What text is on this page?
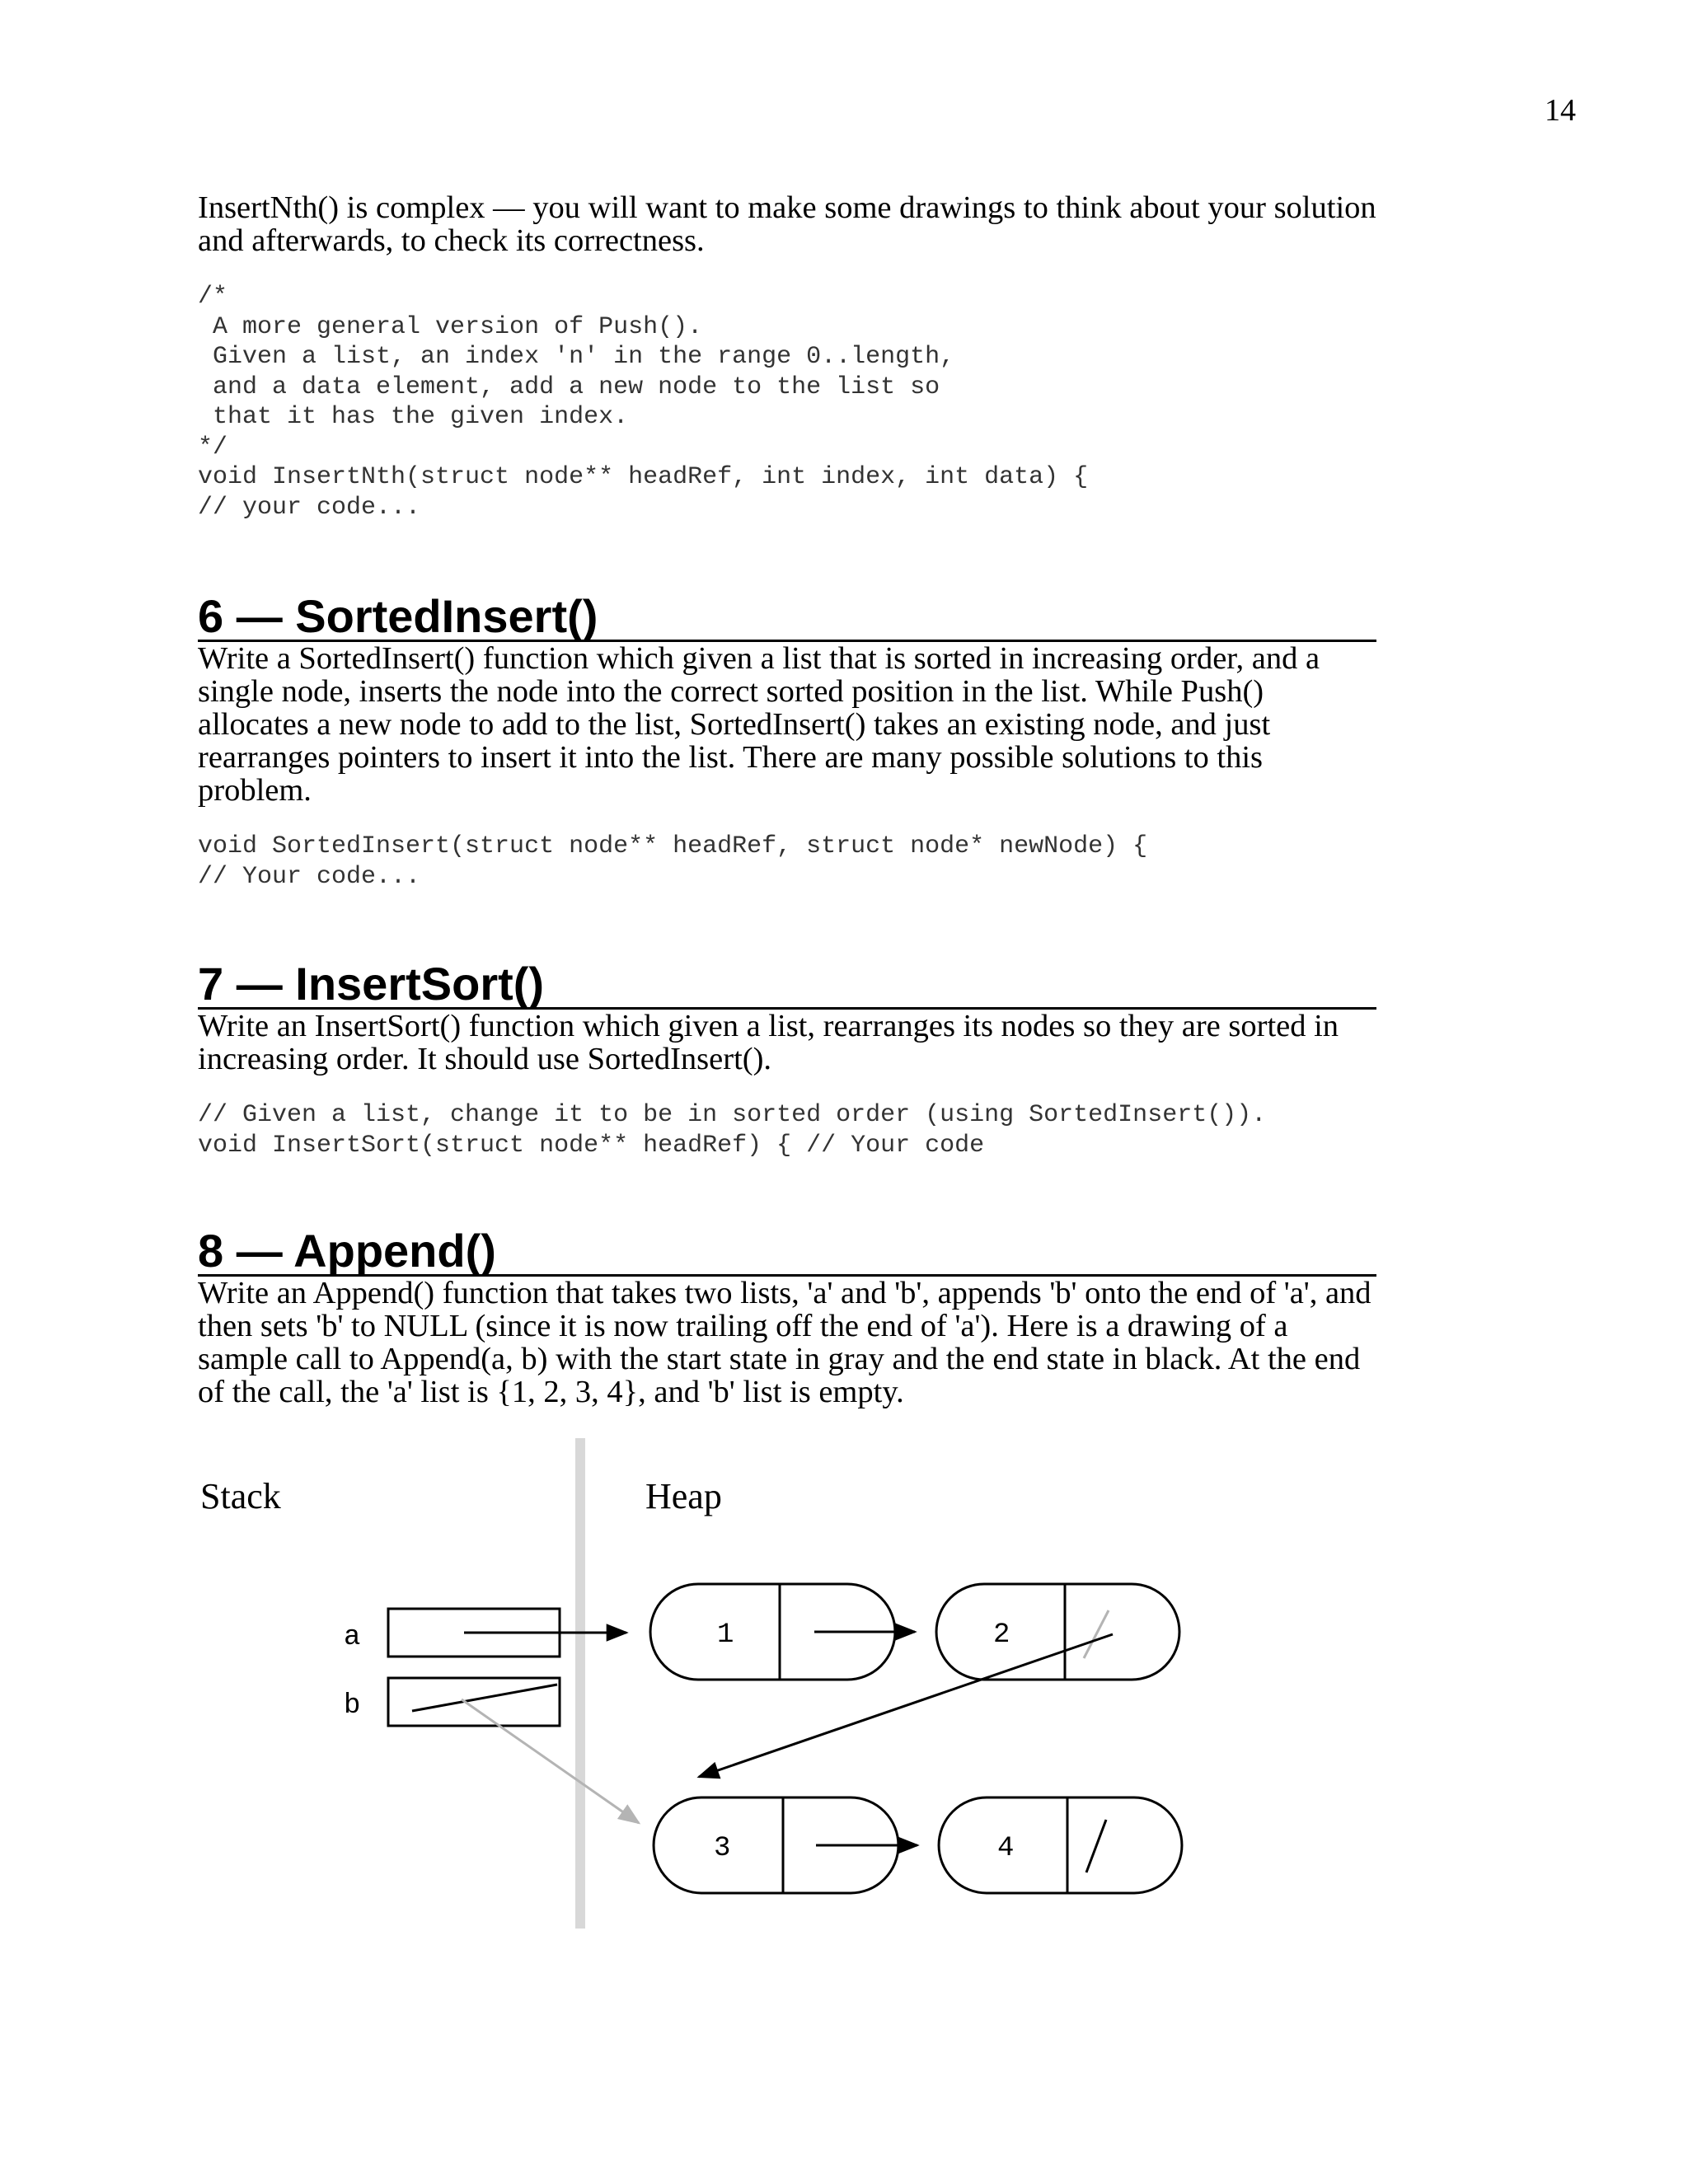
14

InsertNth() is complex — you will want to make some drawings to think about your solution and afterwards, to check its correctness.

/*
A more general version of Push().
Given a list, an index 'n' in the range 0..length,
and a data element, add a new node to the list so
that it has the given index.
*/
void InsertNth(struct node** headRef, int index, int data) {
// your code...
6 — SortedInsert()

Write a SortedInsert() function which given a list that is sorted in increasing order, and a single node, inserts the node into the correct sorted position in the list. While Push() allocates a new node to add to the list, SortedInsert() takes an existing node, and just rearranges pointers to insert it into the list. There are many possible solutions to this problem.

void SortedInsert(struct node** headRef, struct node* newNode) {
// Your code...
7 — InsertSort()

Write an InsertSort() function which given a list, rearranges its nodes so they are sorted in increasing order. It should use SortedInsert().

// Given a list, change it to be in sorted order (using SortedInsert()).
void InsertSort(struct node** headRef) { // Your code
8 — Append()

Write an Append() function that takes two lists, 'a' and 'b', appends 'b' onto the end of 'a', and then sets 'b' to NULL (since it is now trailing off the end of 'a'). Here is a drawing of a sample call to Append(a, b) with the start state in gray and the end state in black. At the end of the call, the 'a' list is {1, 2, 3, 4}, and 'b' list is empty.

Stack	Heap
a
b
1	2
3	4
